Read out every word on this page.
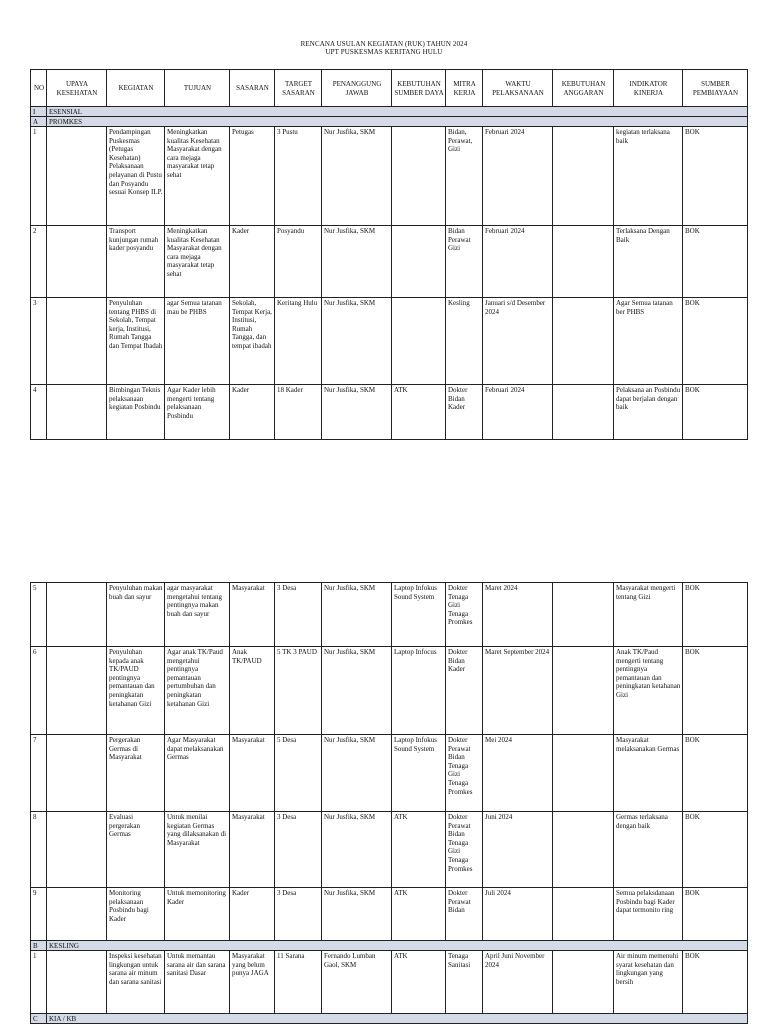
RENCANA USULAN KEGIATAN (RUK) TAHUN 2024
UPT PUSKESMAS KERITANG HULU
NO	UPAYA KESEHATAN	KEGIATAN	TUJUAN	SASARAN	TARGET SASARAN	PENANGGUNG JAWAB	KEBUTUHAN SUMBER DAYA	MITRA KERJA	WAKTU PELAKSANAAN	KEBUTUHAN ANGGARAN	INDIKATOR KINERJA	SUMBER PEMBIAYAAN
I	ESENSIAL											
A	PROMKES											
1		Pendampingan Puskesmas (Petugas Kesehatan) Pelaksanaan pelayanan di Pustu dan Posyandu sesuai Konsep ILP.	Meningkatkan kualitas Kesehatan Masyarakat dengan cara mejaga masyarakat tetap sehat	Petugas	3 Pustu	Nur Jusfika, SKM		Bidan, Perawat, Gizi	Februari 2024		kegiatan terlaksana baik	BOK
2		Transport kunjungan rumah kader posyandu	Meningkatkan kualitas Kesehatan Masyarakat dengan cara mejaga masyarakat tetap sehat	Kader	Posyandu	Nur Jusfika, SKM		Bidan Perawat Gizi	Februari 2024		Terlaksana Dengan Baik	BOK
3		Penyuluhan tentang PHBS di Sekolah, Tempat kerja, Institusi, Rumah Tangga dan Tempat Ibadah	agar Semua tatanan mau be PHBS	Sekolah, Tempat Kerja, Institusi, Rumah Tangga, dan tempat ibadah	Keritang Hulu	Nur Jusfika, SKM		Kesling	Januari s/d Desember 2024		Agar Semua tatanan ber PHBS	BOK
4		Bimbingan Teknis pelaksanaan kegiatan Posbindu	Agar Kader lebih mengerti tentang pelaksanaan Posbindu	Kader	18 Kader	Nur Jusfika, SKM	ATK	Dokter Bidan Kader	Februari 2024		Pelaksana an Posbindu dapat berjalan dengan baik	BOK
5		Penyuluhan makan buah dan sayur	agar masyarakat mengetahui tentang pentingnya makan buah dan sayur	Masyarakat	3 Desa	Nur Jusfika, SKM	Laptop Infokus Sound System	Dokter Tenaga Gizi Tenaga Promkes	Maret 2024		Masyarakat mengerti tentang Gizi	BOK
6		Penyuluhan kepada anak TK/PAUD pentingnya pemantauan dan peningkatan ketahanan Gizi	Agar anak TK/Paud mengetahui pentingnya pemantauan pertumbuhan dan peningkatan ketahanan Gizi	Anak TK/PAUD	5 TK 3 PAUD	Nur Jusfika, SKM	Laptop Infocus	Dokter Bidan Kader	Maret September 2024		Anak TK/Paud mengerti tentang pentingnya pemantauan dan peningkatan ketahanan Gizi	BOK
7		Pergerakan Germas di Masyarakat	Agar Masyarakat dapat melaksanakan Germas	Masyarakat	5 Desa	Nur Jusfika, SKM	Laptop Infokus Sound System	Dokter Perawat Bidan Tenaga Gizi Tenaga Promkes	Mei 2024		Masyarakat melaksanakan Germas	BOK
8		Evaluasi pergerakan Germas	Untuk menilai kegiatan Germas yang dilaksanakan di Masyarakat	Masyarakat	3 Desa	Nur Jusfika, SKM	ATK	Dokter Perawat Bidan Tenaga Gizi Tenaga Promkes	Juni 2024		Germas terlaksana dengan baik	BOK
9		Monitoring pelaksanaan Posbindu bagi Kader	Untuk memonitoring Kader	Kader	3 Desa	Nur Jusfika, SKM	ATK	Dokter Perawat Bidan	Juli 2024		Semua pelaksdanaan Posbindu bagi Kader dapat termonito ring	BOK
B	KESLING											
1		Inspeksi kesehatan lingkungan untuk sarana air minum dan sarana sanitasi	Untuk memantau sarana air dan sarana sanitasi Dasar	Masyarakat yang belum punya JAGA	11 Sarana	Fernando Lumban Gaol, SKM	ATK	Tenaga Sanitasi	April Juni November 2024		Air minum memenuhi syarat kesehatan dan lingkungan yang bersih	BOK
C	KIA / KB											
